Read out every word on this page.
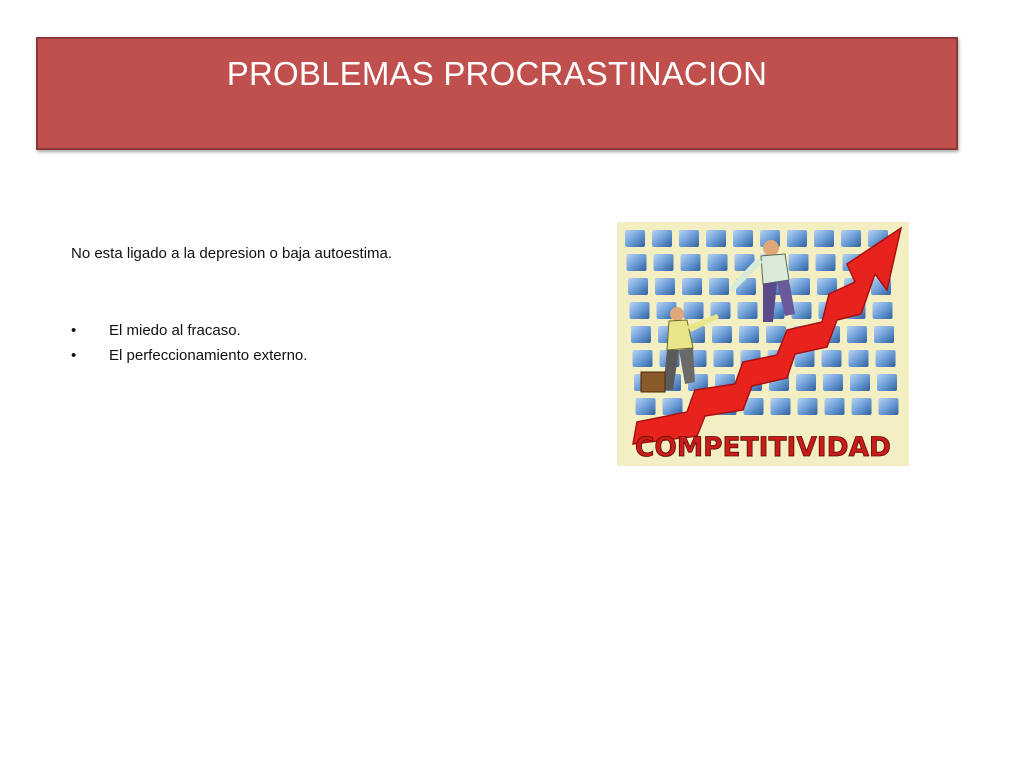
PROBLEMAS PROCRASTINACION
No esta ligado a la depresion o baja autoestima.
•	El miedo al fracaso.
•	El perfeccionamiento externo.
COMPETITIVIDAD
